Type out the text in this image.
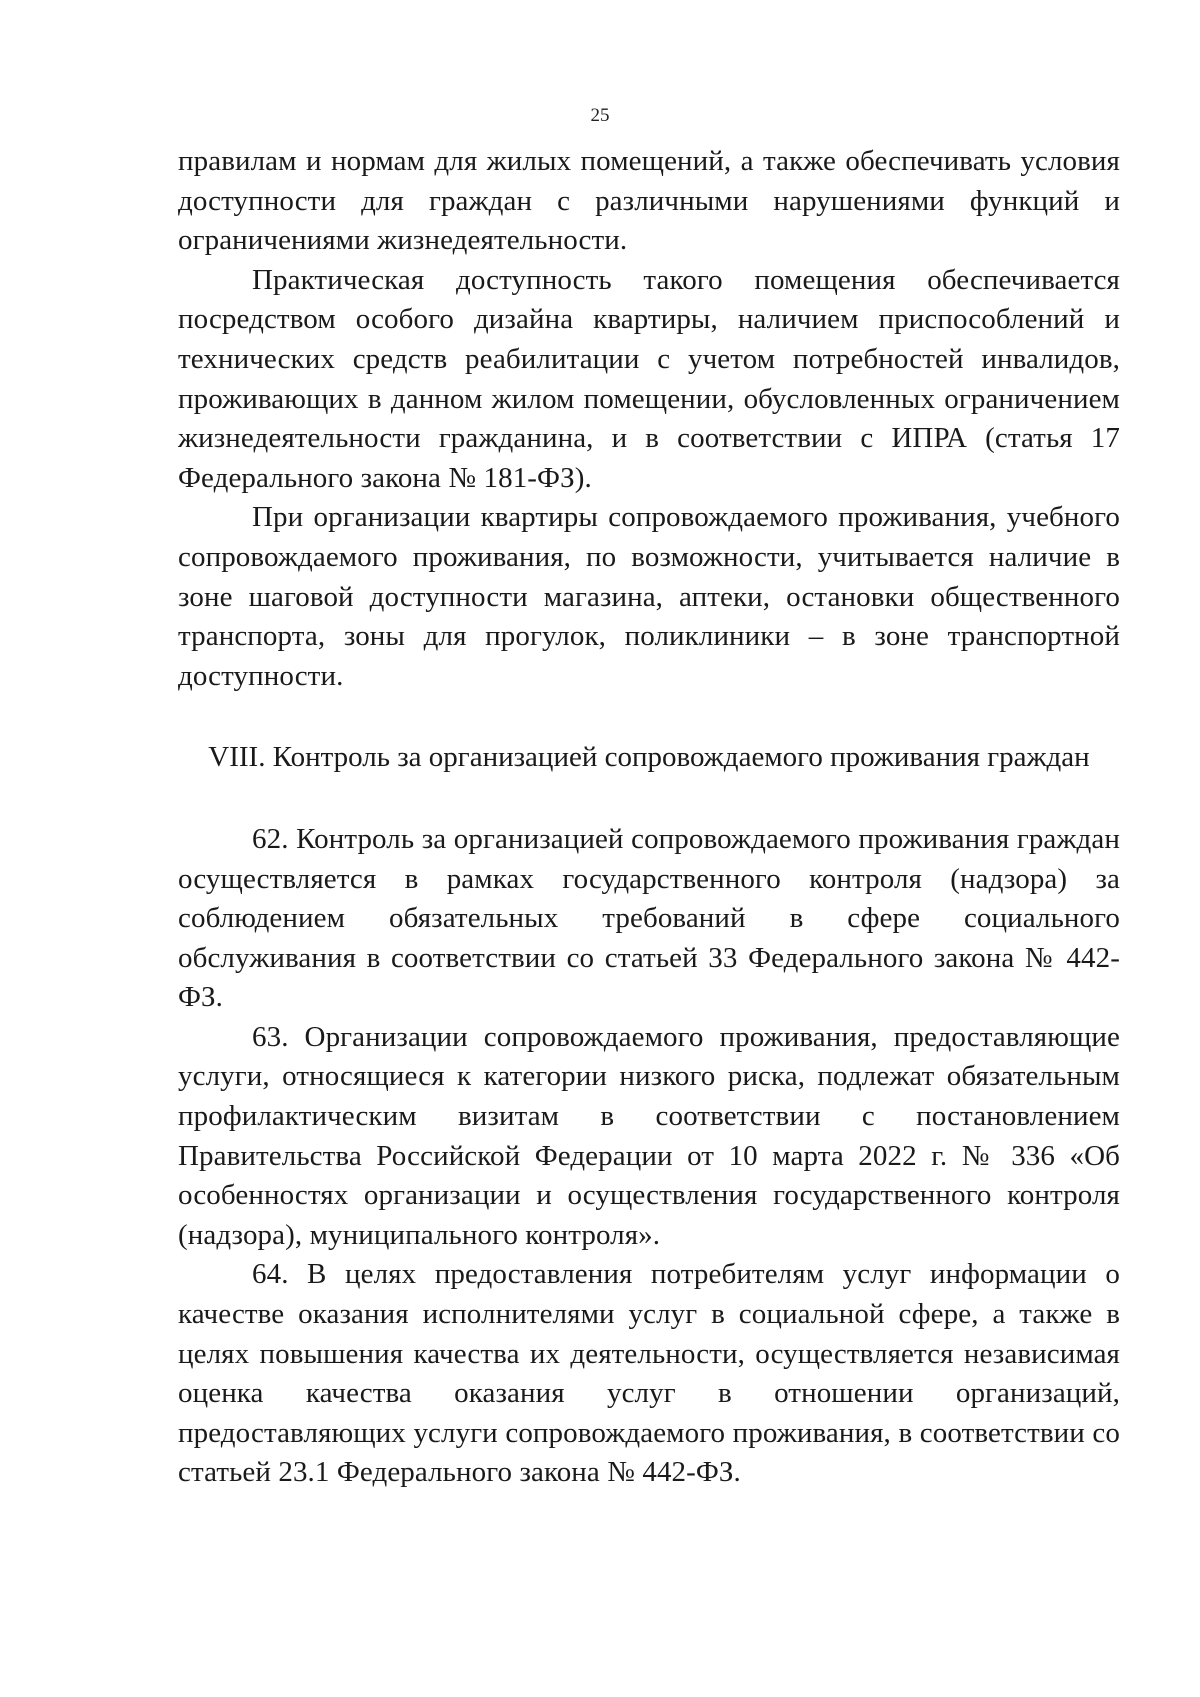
25

правилам и нормам для жилых помещений, а также обеспечивать условия доступности для граждан с различными нарушениями функций и ограничениями жизнедеятельности.

Практическая доступность такого помещения обеспечивается посредством особого дизайна квартиры, наличием приспособлений и технических средств реабилитации с учетом потребностей инвалидов, проживающих в данном жилом помещении, обусловленных ограничением жизнедеятельности гражданина, и в соответствии с ИПРА (статья 17 Федерального закона № 181-ФЗ).

При организации квартиры сопровождаемого проживания, учебного сопровождаемого проживания, по возможности, учитывается наличие в зоне шаговой доступности магазина, аптеки, остановки общественного транспорта, зоны для прогулок, поликлиники – в зоне транспортной доступности.

VIII. Контроль за организацией сопровождаемого проживания граждан

62. Контроль за организацией сопровождаемого проживания граждан осуществляется в рамках государственного контроля (надзора) за соблюдением обязательных требований в сфере социального обслуживания в соответствии со статьей 33 Федерального закона № 442-ФЗ.

63. Организации сопровождаемого проживания, предоставляющие услуги, относящиеся к категории низкого риска, подлежат обязательным профилактическим визитам в соответствии с постановлением Правительства Российской Федерации от 10 марта 2022 г. № 336 «Об особенностях организации и осуществления государственного контроля (надзора), муниципального контроля».

64. В целях предоставления потребителям услуг информации о качестве оказания исполнителями услуг в социальной сфере, а также в целях повышения качества их деятельности, осуществляется независимая оценка качества оказания услуг в отношении организаций, предоставляющих услуги сопровождаемого проживания, в соответствии со статьей 23.1 Федерального закона № 442-ФЗ.
